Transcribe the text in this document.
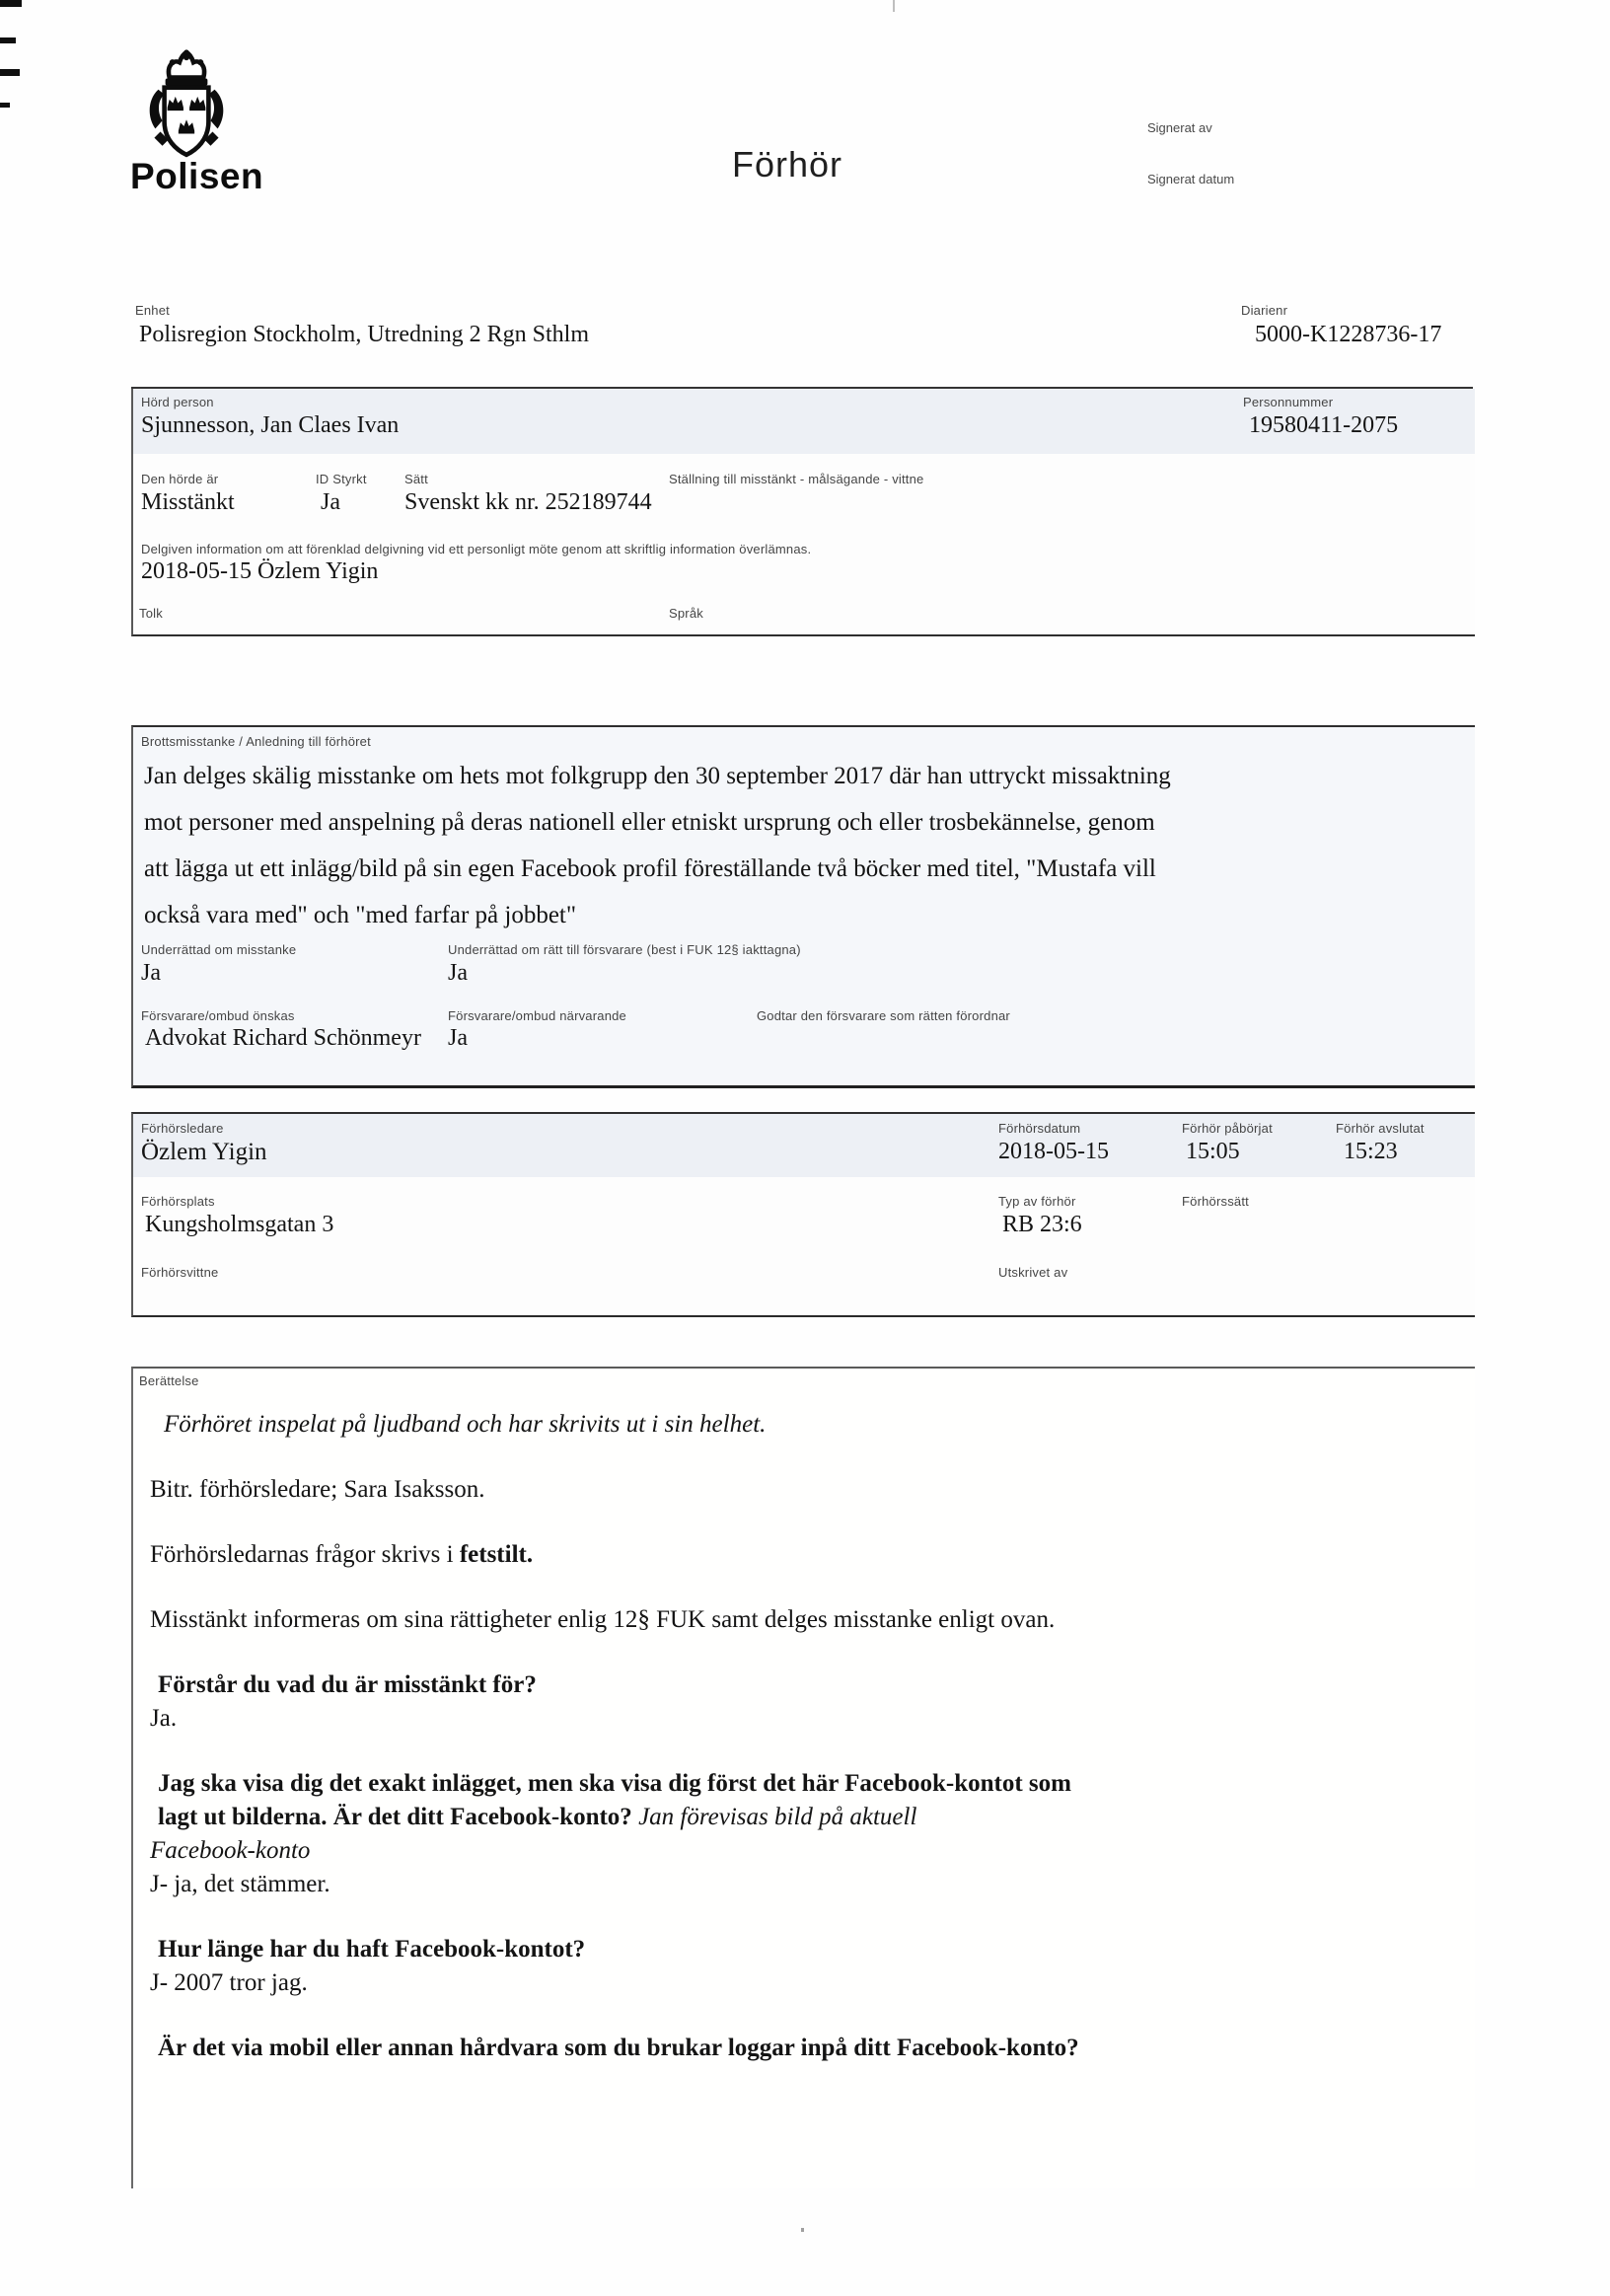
Polisen	Förhör
Signerat av
Signerat datum
Enhet
Polisregion Stockholm, Utredning 2 Rgn Sthlm
Diarienr
5000-K1228736-17
Hörd person
Sjunnesson, Jan Claes Ivan
Personnummer
19580411-2075
Den hörde är
Misstänkt
ID Styrkt
Ja
Sätt
Svenskt kk nr. 252189744
Ställning till misstänkt - målsägande - vittne
Delgiven information om att förenklad delgivning vid ett personligt möte genom att skriftlig information överlämnas.
2018-05-15 Özlem Yigin
Tolk	Språk
Brottsmisstanke / Anledning till förhöret
Jan delges skälig misstanke om hets mot folkgrupp den 30 september 2017 där han uttryckt missaktning
mot personer med anspelning på deras nationell eller etniskt ursprung och eller trosbekännelse, genom
att lägga ut ett inlägg/bild på sin egen Facebook profil föreställande två böcker med titel, "Mustafa vill
också vara med" och "med farfar på jobbet"
Underrättad om misstanke
Ja
Underrättad om rätt till försvarare (best i FUK 12§ iakttagna)
Ja
Försvarare/ombud önskas
Advokat Richard Schönmeyr
Försvarare/ombud närvarande
Ja
Godtar den försvarare som rätten förordnar
Förhörsledare
Özlem Yigin
Förhörsdatum
2018-05-15
Förhör påbörjat
15:05
Förhör avslutat
15:23
Förhörsplats
Kungsholmsgatan 3
Typ av förhör
RB 23:6
Förhörssätt
Förhörsvittne	Utskrivet av
Berättelse
Förhöret inspelat på ljudband och har skrivits ut i sin helhet.
Bitr. förhörsledare; Sara Isaksson.
Förhörsledarnas frågor skrivs i fetstilt.
Misstänkt informeras om sina rättigheter enlig 12§ FUK samt delges misstanke enligt ovan.
Förstår du vad du är misstänkt för?
Ja.
Jag ska visa dig det exakt inlägget, men ska visa dig först det här Facebook-kontot som
lagt ut bilderna. Är det ditt Facebook-konto? Jan förevisas bild på aktuell
Facebook-konto
J- ja, det stämmer.
Hur länge har du haft Facebook-kontot?
J- 2007 tror jag.
Är det via mobil eller annan hårdvara som du brukar loggar inpå ditt Facebook-konto?
